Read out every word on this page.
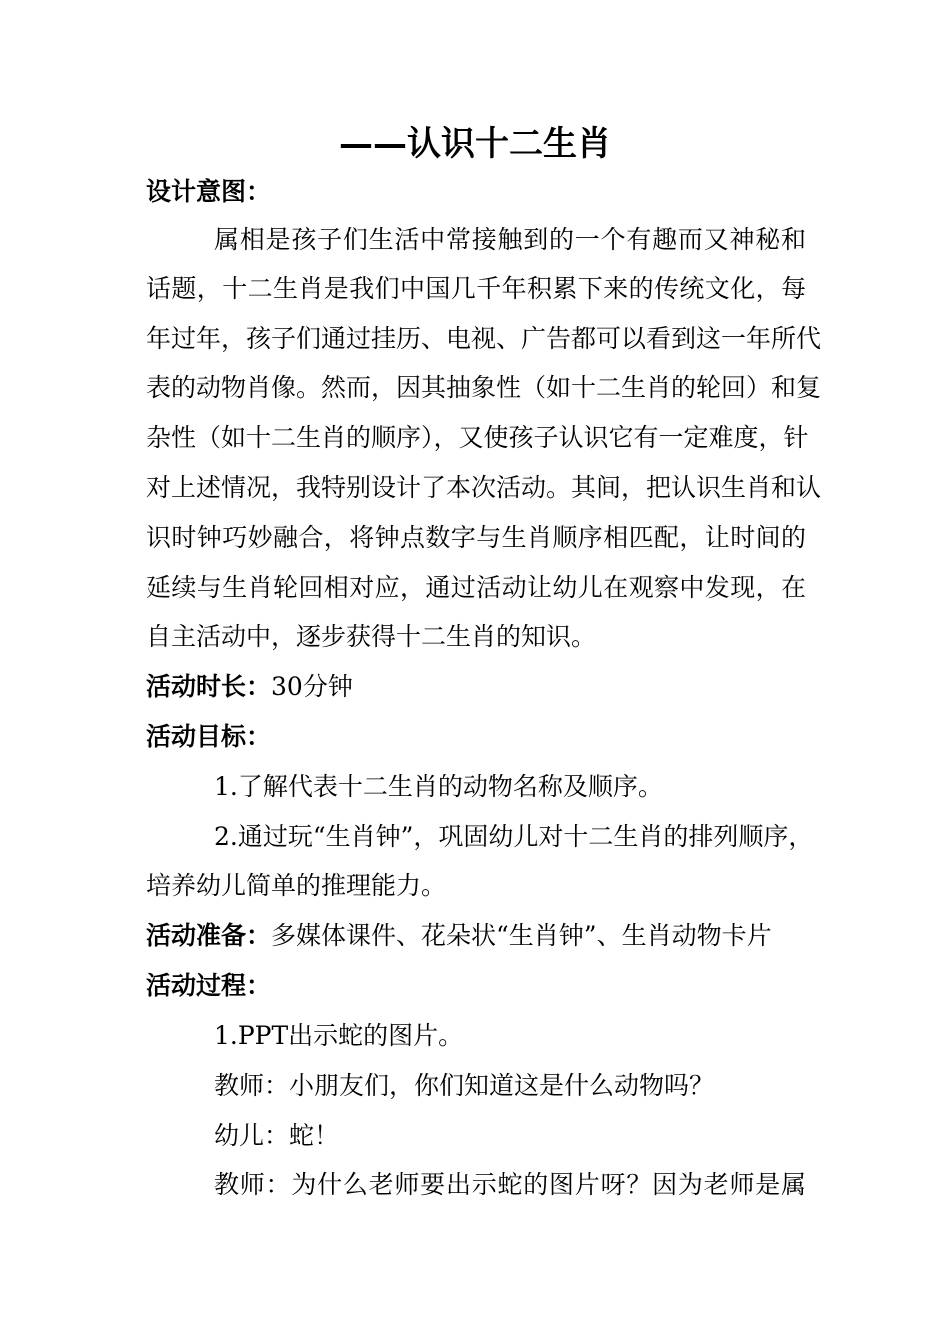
——认识十二生肖
设计意图：
属相是孩子们生活中常接触到的一个有趣而又神秘和
话题，十二生肖是我们中国几千年积累下来的传统文化，每
年过年，孩子们通过挂历、电视、广告都可以看到这一年所代
表的动物肖像。然而，因其抽象性（如十二生肖的轮回）和复
杂性（如十二生肖的顺序），又使孩子认识它有一定难度，针
对上述情况，我特别设计了本次活动。其间，把认识生肖和认
识时钟巧妙融合，将钟点数字与生肖顺序相匹配，让时间的
延续与生肖轮回相对应，通过活动让幼儿在观察中发现，在
自主活动中，逐步获得十二生肖的知识。
活动时长：30分钟
活动目标：
1.了解代表十二生肖的动物名称及顺序。
2.通过玩“生肖钟”，巩固幼儿对十二生肖的排列顺序，
培养幼儿简单的推理能力。
活动准备：多媒体课件、花朵状“生肖钟”、生肖动物卡片
活动过程：
1.PPT出示蛇的图片。
教师：小朋友们，你们知道这是什么动物吗？
幼儿：蛇！
教师：为什么老师要出示蛇的图片呀？因为老师是属
